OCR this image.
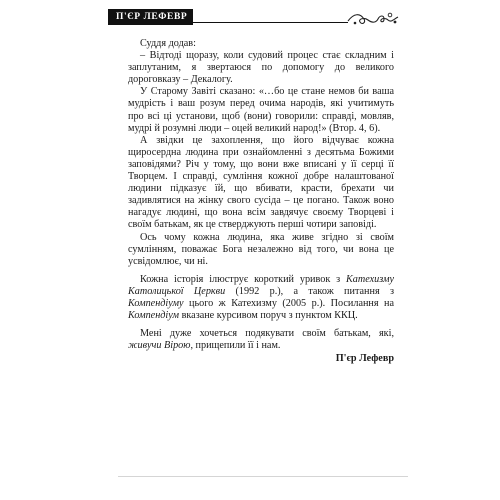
П'ЄР ЛЕФЕВР

Суддя додав:

– Відтоді щоразу, коли судовий процес стає складним і заплутаним, я звертаюся по допомогу до великого дороговказу – Декалогу.

У Старому Завіті сказано: «…бо це стане немов би ваша мудрість і ваш розум перед очима народів, які учитимуть про всі ці установи, щоб (вони) говорили: справді, мовляв, мудрі й розумні люди – оцей великий народ!» (Втор. 4, 6).

А звідки це захоплення, що його відчуває кожна щиросердна людина при ознайомленні з десятьма Божими заповідями? Річ у тому, що вони вже вписані у її серці її Творцем. І справді, сумління кожної добре налаштованої людини підказує їй, що вбивати, красти, брехати чи задивлятися на жінку свого сусіда – це погано. Також воно нагадує людині, що вона всім завдячує своєму Творцеві і своїм батькам, як це стверджують перші чотири заповіді.

Ось чому кожна людина, яка живе згідно зі своїм сумлінням, поважає Бога незалежно від того, чи вона це усвідомлює, чи ні.

Кожна історія ілюструє короткий уривок з Катехизму Католицької Церкви (1992 р.), а також питання з Компендіуму цього ж Катехизму (2005 р.). Посилання на Компендіум вказане курсивом поруч з пунктом ККЦ.

Мені дуже хочеться подякувати своїм батькам, які, живучи Вірою, прищепили її і нам.

П'єр Лефевр
